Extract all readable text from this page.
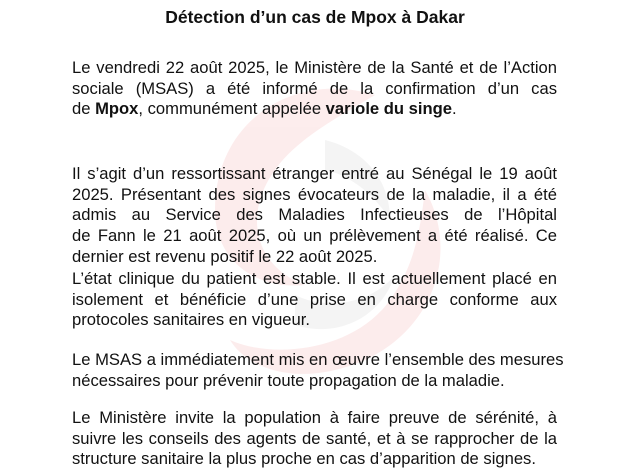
Détection d’un cas de Mpox à Dakar
Le vendredi 22 août 2025, le Ministère de la Santé et de l’Action
sociale (MSAS) a été informé de la confirmation d’un cas
de Mpox, communément appelée variole du singe.
Il s’agit d’un ressortissant étranger entré au Sénégal le 19 août
2025. Présentant des signes évocateurs de la maladie, il a été
admis au Service des Maladies Infectieuses de l’Hôpital
de Fann le 21 août 2025, où un prélèvement a été réalisé. Ce
dernier est revenu positif le 22 août 2025.
L’état clinique du patient est stable. Il est actuellement placé en
isolement et bénéficie d’une prise en charge conforme aux
protocoles sanitaires en vigueur.
Le MSAS a immédiatement mis en œuvre l’ensemble des mesures
nécessaires pour prévenir toute propagation de la maladie.
Le Ministère invite la population à faire preuve de sérénité, à
suivre les conseils des agents de santé, et à se rapprocher de la
structure sanitaire la plus proche en cas d’apparition de signes.
